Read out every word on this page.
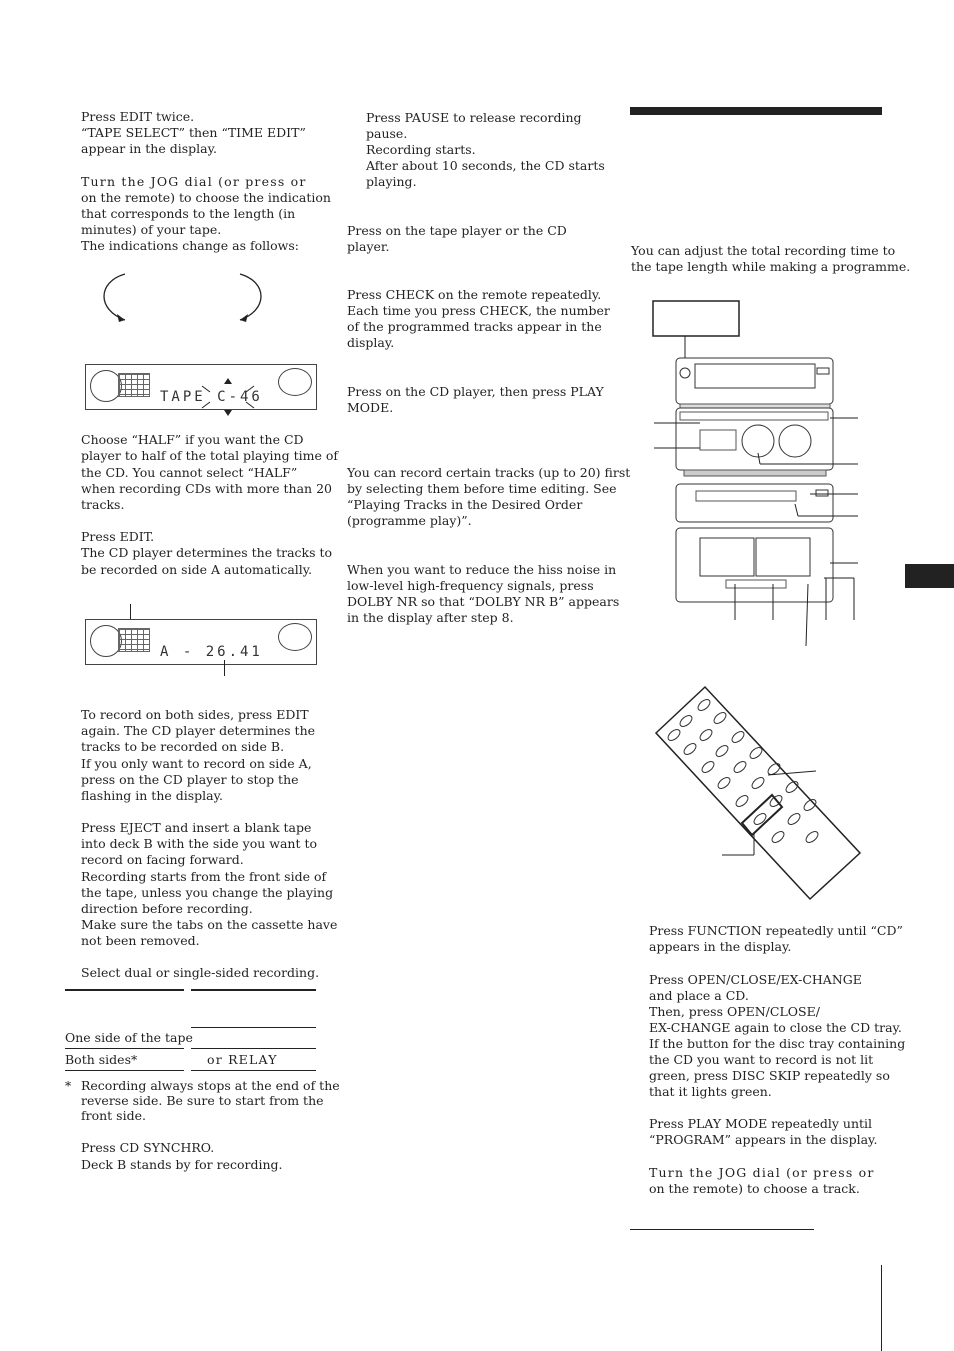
Press EDIT twice.
“TAPE SELECT” then “TIME EDIT”
appear in the display.
Turn the JOG dial (or press or
on the remote) to choose the indication
that corresponds to the length (in
minutes) of your tape.
The indications change as follows:
TAPE C-46
Choose “HALF” if you want the CD
player to half of the total playing time of
the CD. You cannot select “HALF”
when recording CDs with more than 20
tracks.
Press EDIT.
The CD player determines the tracks to
be recorded on side A automatically.
A - 26.41
To record on both sides, press EDIT
again. The CD player determines the
tracks to be recorded on side B.
If you only want to record on side A,
press on the CD player to stop the
flashing in the display.
Press EJECT and insert a blank tape
into deck B with the side you want to
record on facing forward.
Recording starts from the front side of
the tape, unless you change the playing
direction before recording.
Make sure the tabs on the cassette have
not been removed.
Select dual or single-sided recording.
One side of the tape
Both sides*	or RELAY
* Recording always stops at the end of the
reverse side. Be sure to start from the
front side.
Press CD SYNCHRO.
Deck B stands by for recording.
Press PAUSE to release recording
pause.
Recording starts.
After about 10 seconds, the CD starts
playing.
Press on the tape player or the CD
player.
Press CHECK on the remote repeatedly.
Each time you press CHECK, the number
of the programmed tracks appear in the
display.
Press on the CD player, then press PLAY
MODE.
You can record certain tracks (up to 20) first
by selecting them before time editing. See
“Playing Tracks in the Desired Order
(programme play)”.
When you want to reduce the hiss noise in
low-level high-frequency signals, press
DOLBY NR so that “DOLBY NR B” appears
in the display after step 8.
You can adjust the total recording time to
the tape length while making a programme.
Press FUNCTION repeatedly until “CD”
appears in the display.
Press OPEN/CLOSE/EX-CHANGE
and place a CD.
Then, press OPEN/CLOSE/
EX-CHANGE again to close the CD tray.
If the button for the disc tray containing
the CD you want to record is not lit
green, press DISC SKIP repeatedly so
that it lights green.
Press PLAY MODE repeatedly until
“PROGRAM” appears in the display.
Turn the JOG dial (or press or
on the remote) to choose a track.
